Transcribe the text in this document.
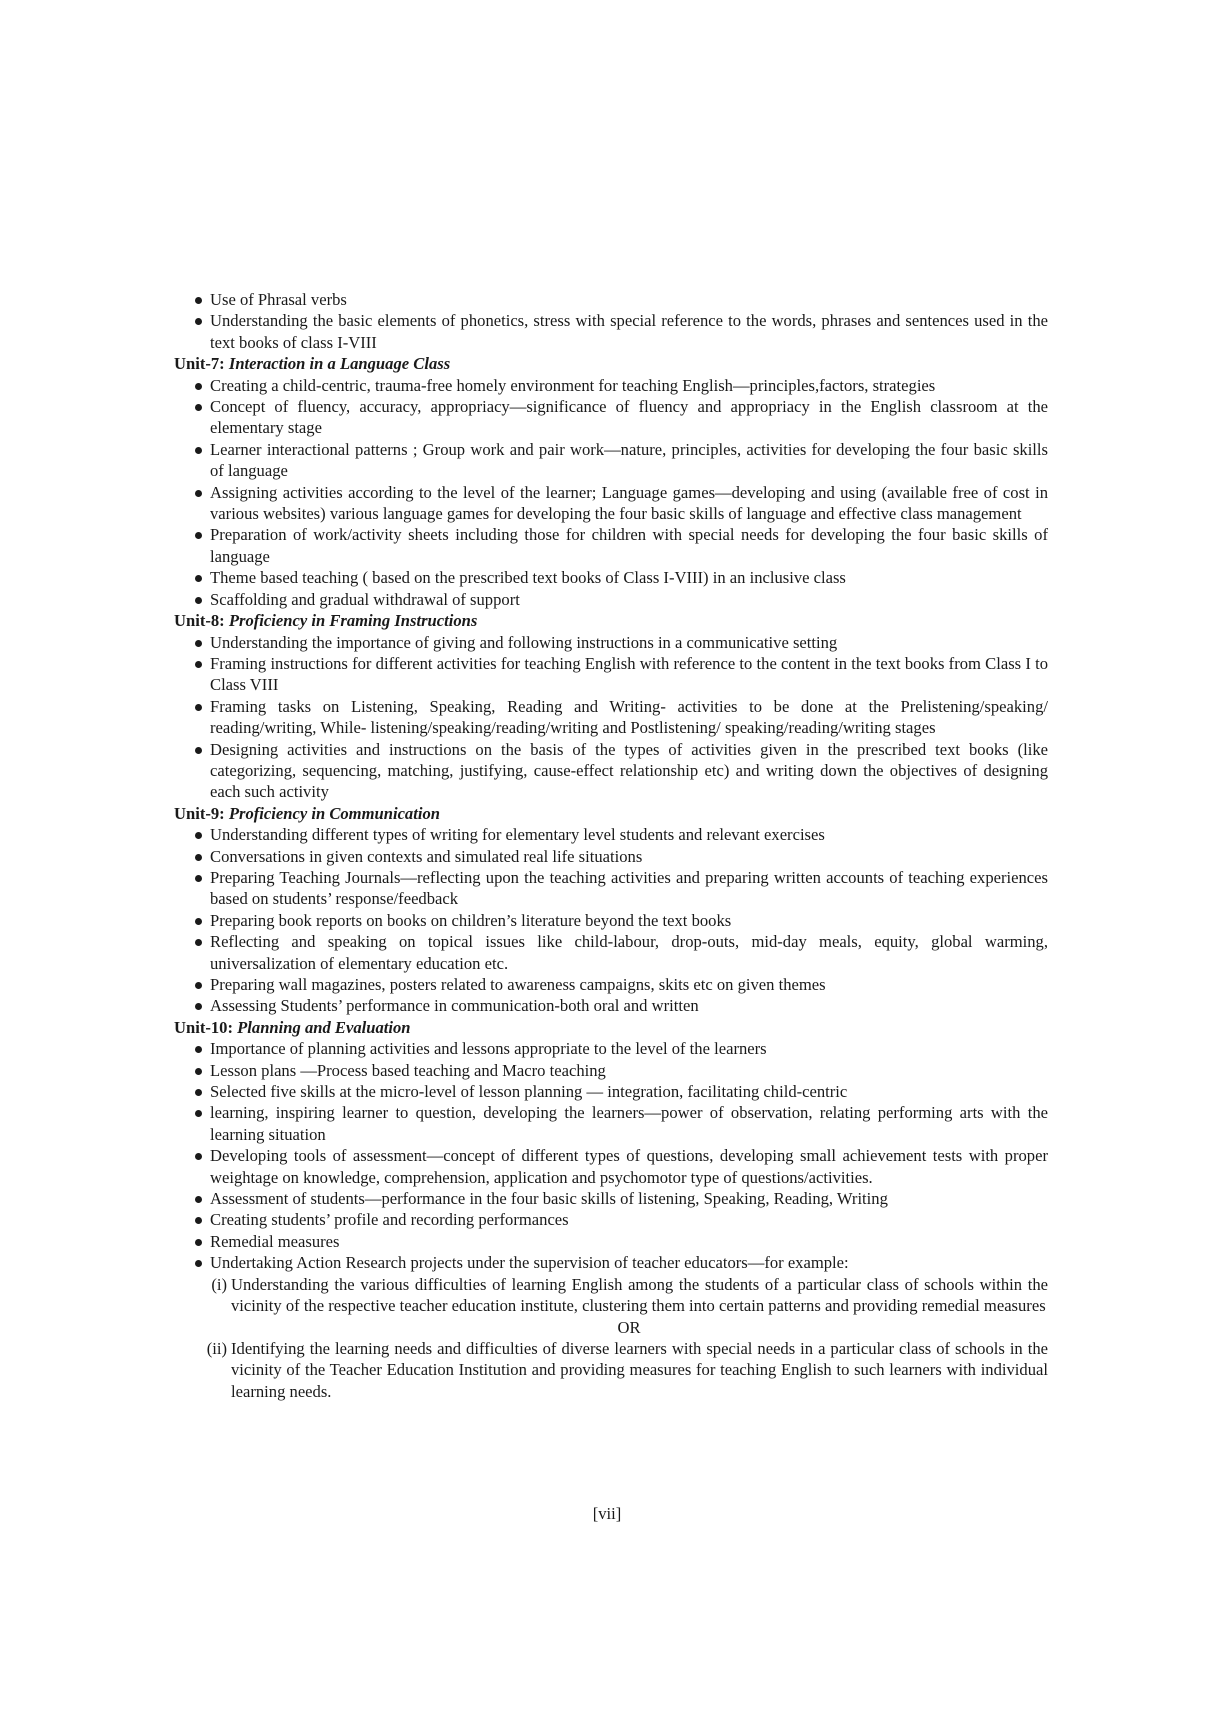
Use of Phrasal verbs
Understanding the basic elements of phonetics, stress with special reference to the words, phrases and sentences used in the text books of class I-VIII

Unit-7: Interaction in a Language Class

Creating a child-centric, trauma-free homely environment for teaching English—principles,factors, strategies
Concept of fluency, accuracy, appropriacy—significance of fluency and appropriacy in the English classroom at the elementary stage
Learner interactional patterns ; Group work and pair work—nature, principles, activities for developing the four basic skills of language
Assigning activities according to the level of the learner; Language games—developing and using (available free of cost in various websites) various language games for developing the four basic skills of language and effective class management
Preparation of work/activity sheets including those for children with special needs for developing the four basic skills of language
Theme based teaching ( based on the prescribed text books of Class I-VIII) in an inclusive class
Scaffolding and gradual withdrawal of support

Unit-8: Proficiency in Framing Instructions

Understanding the importance of giving and following instructions in a communicative setting
Framing instructions for different activities for teaching English with reference to the content in the text books from Class I to Class VIII
Framing tasks on Listening, Speaking, Reading and Writing- activities to be done at the Prelistening/speaking/ reading/writing, While- listening/speaking/reading/writing and Postlistening/ speaking/reading/writing stages
Designing activities and instructions on the basis of the types of activities given in the prescribed text books (like categorizing, sequencing, matching, justifying, cause-effect relationship etc) and writing down the objectives of designing each such activity

Unit-9: Proficiency in Communication

Understanding different types of writing for elementary level students and relevant exercises
Conversations in given contexts and simulated real life situations
Preparing Teaching Journals—reflecting upon the teaching activities and preparing written accounts of teaching experiences based on students’ response/feedback
Preparing book reports on books on children’s literature beyond the text books
Reflecting and speaking on topical issues like child-labour, drop-outs, mid-day meals, equity, global warming, universalization of elementary education etc.
Preparing wall magazines, posters related to awareness campaigns, skits etc on given themes
Assessing Students’ performance in communication-both oral and written

Unit-10: Planning and Evaluation

Importance of planning activities and lessons appropriate to the level of the learners
Lesson plans —Process based teaching and Macro teaching
Selected five skills at the micro-level of lesson planning — integration, facilitating child-centric
learning, inspiring learner to question, developing the learners—power of observation, relating performing arts with the learning situation
Developing tools of assessment—concept of different types of questions, developing small achievement tests with proper weightage on knowledge, comprehension, application and psychomotor type of questions/activities.
Assessment of students—performance in the four basic skills of listening, Speaking, Reading, Writing
Creating students’ profile and recording performances
Remedial measures
Undertaking Action Research projects under the supervision of teacher educators—for example:
(i) Understanding the various difficulties of learning English among the students of a particular class of schools within the vicinity of the respective teacher education institute, clustering them into certain patterns and providing remedial measures
OR
(ii) Identifying the learning needs and difficulties of diverse learners with special needs in a particular class of schools in the vicinity of the Teacher Education Institution and providing measures for teaching English to such learners with individual learning needs.
[vii]
